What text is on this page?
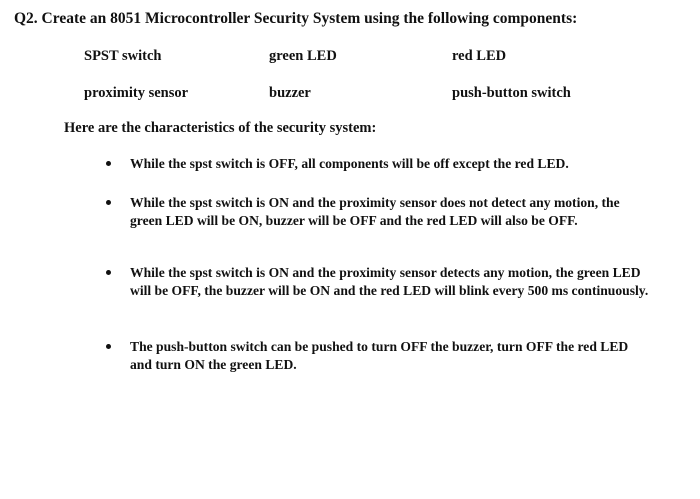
Q2. Create an 8051 Microcontroller Security System using the following components:
SPST switch	green LED	red LED
proximity sensor	buzzer	push-button switch
Here are the characteristics of the security system:
While the spst switch is OFF, all components will be off except the red LED.
While the spst switch is ON and the proximity sensor does not detect any motion, the green LED will be ON, buzzer will be OFF and the red LED will also be OFF.
While the spst switch is ON and the proximity sensor detects any motion, the green LED will be OFF, the buzzer will be ON and the red LED will blink every 500 ms continuously.
The push-button switch can be pushed to turn OFF the buzzer, turn OFF the red LED and turn ON the green LED.
